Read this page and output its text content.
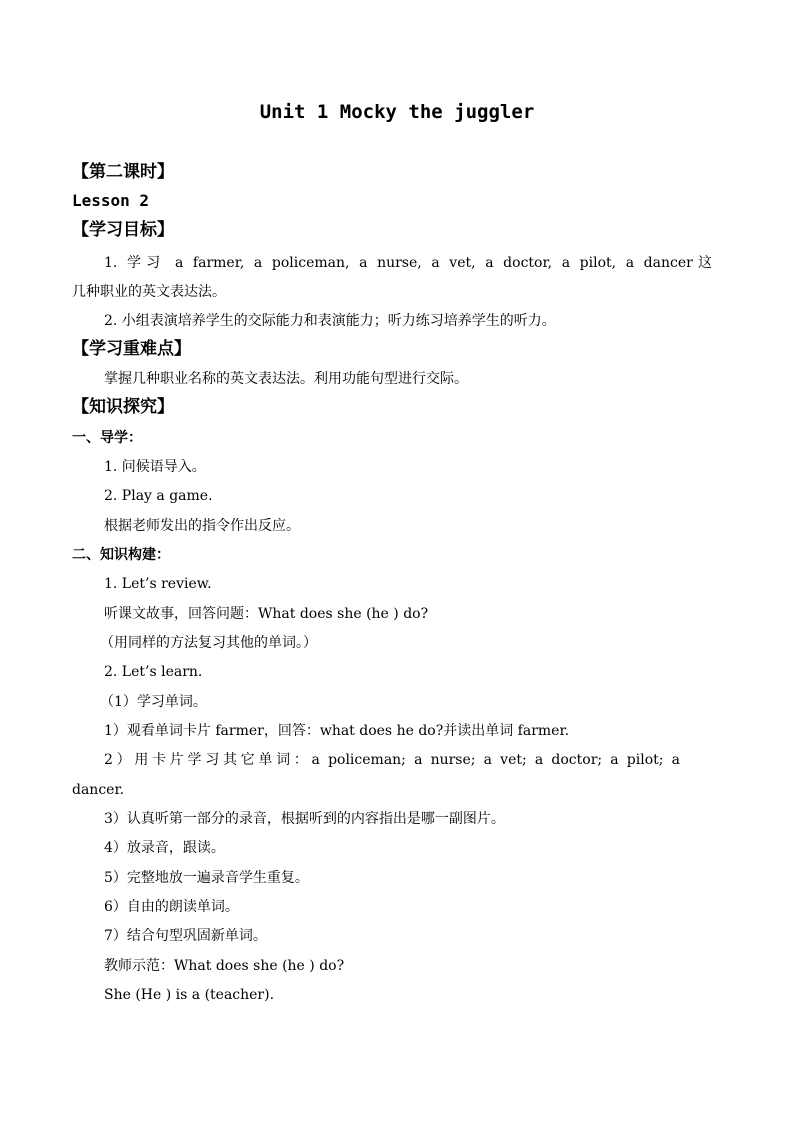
Unit 1 Mocky the juggler
【第二课时】
Lesson 2
【学习目标】
1. 学习 a farmer, a policeman, a nurse, a vet, a doctor, a pilot, a dancer这
几种职业的英文表达法。
2. 小组表演培养学生的交际能力和表演能力；听力练习培养学生的听力。
【学习重难点】
掌握几种职业名称的英文表达法。利用功能句型进行交际。
【知识探究】
一、导学：
1. 问候语导入。
2. Play a game.
根据老师发出的指令作出反应。
二、知识构建：
1. Let’s review.
听课文故事，回答问题：What does she (he ) do?
（用同样的方法复习其他的单词。）
2. Let’s learn.
（1）学习单词。
1）观看单词卡片 farmer，回答：what does he do?并读出单词 farmer.
2）用卡片学习其它单词：a policeman; a nurse; a vet; a doctor; a pilot; a
dancer.
3）认真听第一部分的录音，根据听到的内容指出是哪一副图片。
4）放录音，跟读。
5）完整地放一遍录音学生重复。
6）自由的朗读单词。
7）结合句型巩固新单词。
教师示范：What does she (he ) do?
She (He ) is a (teacher).
